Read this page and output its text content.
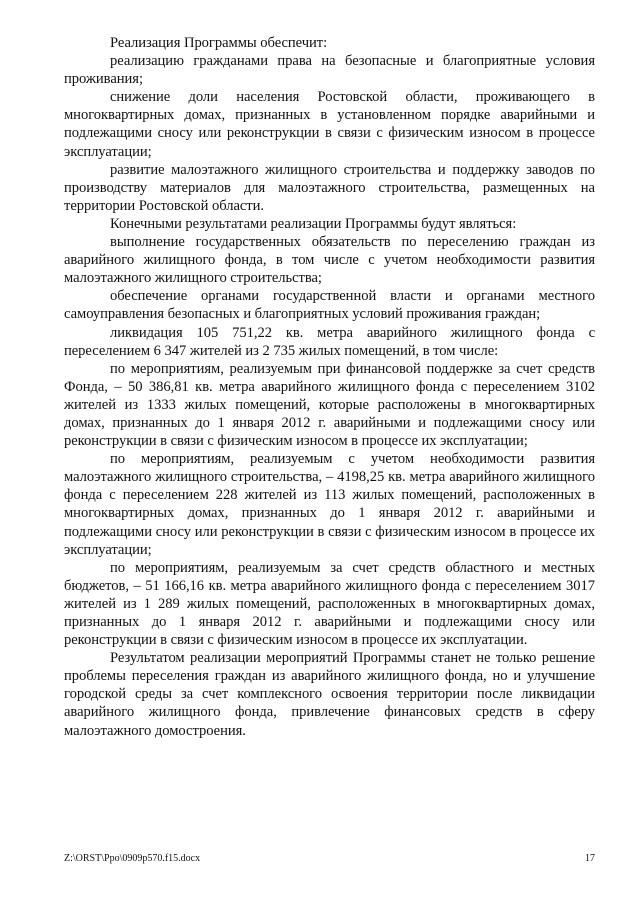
Реализация Программы обеспечит:

реализацию гражданами права на безопасные и благоприятные условия проживания;

снижение доли населения Ростовской области, проживающего в многоквартирных домах, признанных в установленном порядке аварийными и подлежащими сносу или реконструкции в связи с физическим износом в процессе эксплуатации;

развитие малоэтажного жилищного строительства и поддержку заводов по производству материалов для малоэтажного строительства, размещенных на территории Ростовской области.

Конечными результатами реализации Программы будут являться:

выполнение государственных обязательств по переселению граждан из аварийного жилищного фонда, в том числе с учетом необходимости развития малоэтажного жилищного строительства;

обеспечение органами государственной власти и органами местного самоуправления безопасных и благоприятных условий проживания граждан;

ликвидация 105 751,22 кв. метра аварийного жилищного фонда с переселением 6 347 жителей из 2 735 жилых помещений, в том числе:

по мероприятиям, реализуемым при финансовой поддержке за счет средств Фонда, – 50 386,81 кв. метра аварийного жилищного фонда с переселением 3102 жителей из 1333 жилых помещений, которые расположены в многоквартирных домах, признанных до 1 января 2012 г. аварийными и подлежащими сносу или реконструкции в связи с физическим износом в процессе их эксплуатации;

по мероприятиям, реализуемым с учетом необходимости развития малоэтажного жилищного строительства, – 4198,25 кв. метра аварийного жилищного фонда с переселением 228 жителей из 113 жилых помещений, расположенных в многоквартирных домах, признанных до 1 января 2012 г. аварийными и подлежащими сносу или реконструкции в связи с физическим износом в процессе их эксплуатации;

по мероприятиям, реализуемым за счет средств областного и местных бюджетов, – 51 166,16 кв. метра аварийного жилищного фонда с переселением 3017 жителей из 1 289 жилых помещений, расположенных в многоквартирных домах, признанных до 1 января 2012 г. аварийными и подлежащими сносу или реконструкции в связи с физическим износом в процессе их эксплуатации.

Результатом реализации мероприятий Программы станет не только решение проблемы переселения граждан из аварийного жилищного фонда, но и улучшение городской среды за счет комплексного освоения территории после ликвидации аварийного жилищного фонда, привлечение финансовых средств в сферу малоэтажного домостроения.

Z:\ORST\Ppo\0909p570.f15.docx	17
